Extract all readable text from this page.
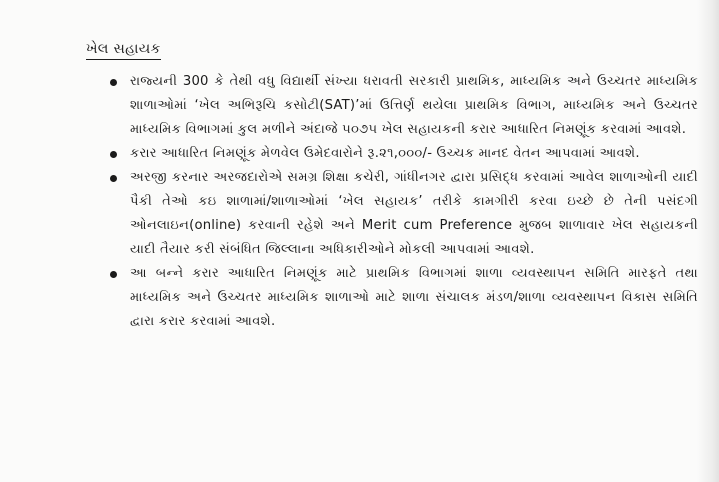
ખેલ સહાયક
રાજ્યની 300 કે તેથી વધુ વિદ્યાર્થી સંખ્યા ધરાવતી સરકારી પ્રાથમિક, માધ્યમિક અને ઉચ્ચતર માધ્યમિક શાળાઓમાં ‘ખેલ અભિરૂચિ કસોટી(SAT)’માં ઉત્તિર્ણ થયેલા પ્રાથમિક વિભાગ, માધ્યમિક અને ઉચ્ચતર માધ્યમિક વિભાગમાં કુલ મળીને અંદાજે ૫૦૭૫ ખેલ સહાયકની કરાર આધારિત નિમણૂંક કરવામાં આવશે.
કરાર આધારિત નિમણૂંક મેળવેલ ઉમેદવારોને રૂ.૨૧,૦૦૦/- ઉચ્ચક માનદ વેતન આપવામાં આવશે.
અરજી કરનાર અરજદારોએ સમગ્ર શિક્ષા કચેરી, ગાંધીનગર દ્વારા પ્રસિદ્ધ કરવામાં આવેલ શાળાઓની યાદી પૈકી તેઓ કઇ શાળામાં/શાળાઓમાં ‘ખેલ સહાયક’ તરીકે કામગીરી કરવા ઇચ્છે છે તેની પસંદગી ઓનલાઇન(online) કરવાની રહેશે અને Merit cum Preference મુજબ શાળાવાર ખેલ સહાયકની યાદી તૈયાર કરી સંબંધિત જિલ્લાના અધિકારીઓને મોકલી આપવામાં આવશે.
આ બન્ને કરાર આધારિત નિમણૂંક માટે પ્રાથમિક વિભાગમાં શાળા વ્યવસ્થાપન સમિતિ મારફતે તથા માધ્યમિક અને ઉચ્ચતર માધ્યમિક શાળાઓ માટે શાળા સંચાલક મંડળ/શાળા વ્યવસ્થાપન વિકાસ સમિતિ દ્વારા કરાર કરવામાં આવશે.
